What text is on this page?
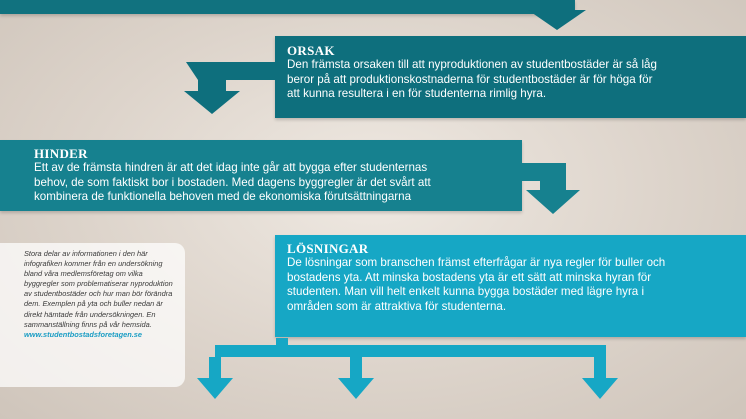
ORSAK
Den främsta orsaken till att nyproduktionen av studentbostäder är så låg
beror på att produktionskostnaderna för studentbostäder är för höga för
att kunna resultera i en för studenterna rimlig hyra.
HINDER
Ett av de främsta hindren är att det idag inte går att bygga efter studenternas
behov, de som faktiskt bor i bostaden. Med dagens byggregler är det svårt att
kombinera de funktionella behoven med de ekonomiska förutsättningarna
LÖSNINGAR
De lösningar som branschen främst efterfrågar är nya regler för buller och
bostadens yta. Att minska bostadens yta är ett sätt att minska hyran för
studenten. Man vill helt enkelt kunna bygga bostäder med lägre hyra i
områden som är attraktiva för studenterna.
Stora delar av informationen i den här
infografiken kommer från en undersökning
bland våra medlemsföretag om vilka
byggregler som problematiserar nyproduktion
av studentbostäder och hur man bör förändra
dem. Exemplen på yta och buller nedan är
direkt hämtade från undersökningen. En
sammanställning finns på vår hemsida.
www.studentbostadsforetagen.se
